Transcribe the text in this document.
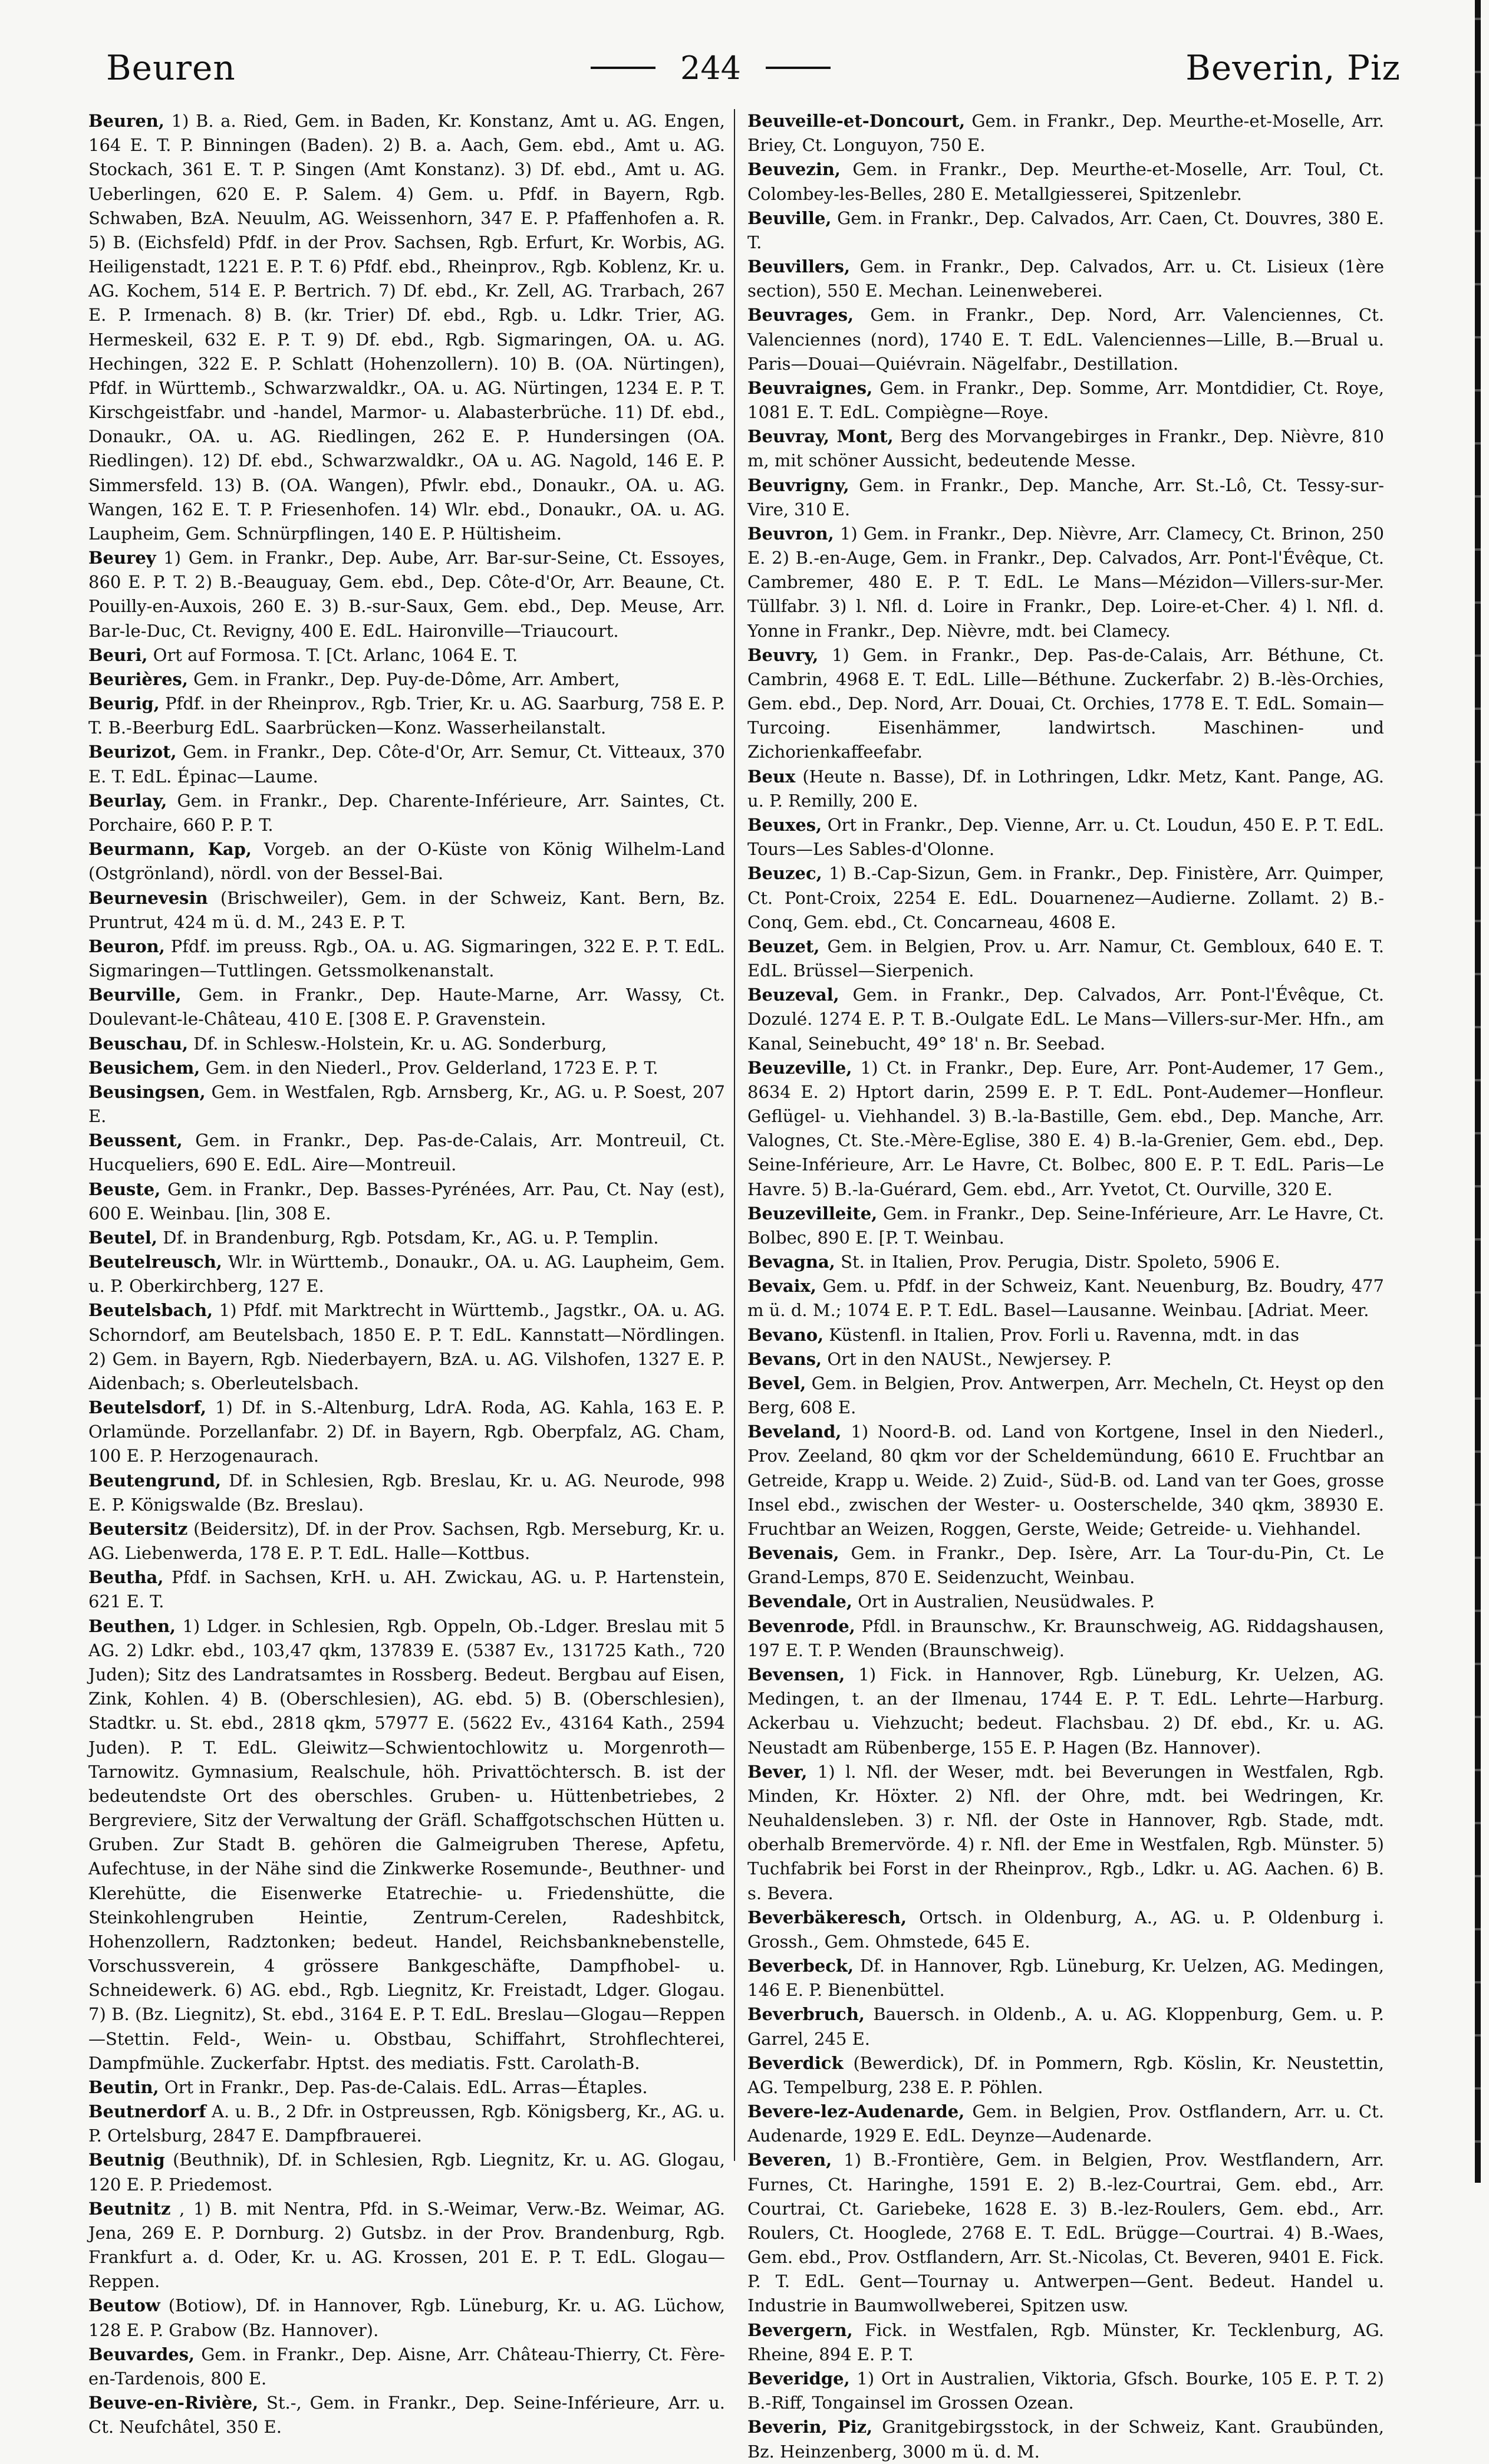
Beuren	244	Beverin, Piz

Beuren, 1) B. a. Ried, Gem. in Baden, Kr. Konstanz, Amt u. AG. Engen, 164 E. T. P. Binningen (Baden). 2) B. a. Aach, Gem. ebd., Amt u. AG. Stockach, 361 E. T. P. Singen (Amt Konstanz). 3) Df. ebd., Amt u. AG. Ueberlingen, 620 E. P. Salem. 4) Gem. u. Pfdf. in Bayern, Rgb. Schwaben, BzA. Neuulm, AG. Weissenhorn, 347 E. P. Pfaffenhofen a. R. 5) B. (Eichsfeld) Pfdf. in der Prov. Sachsen, Rgb. Erfurt, Kr. Worbis, AG. Heiligenstadt, 1221 E. P. T. 6) Pfdf. ebd., Rheinprov., Rgb. Koblenz, Kr. u. AG. Kochem, 514 E. P. Bertrich. 7) Df. ebd., Kr. Zell, AG. Trarbach, 267 E. P. Irmenach. 8) B. (kr. Trier) Df. ebd., Rgb. u. Ldkr. Trier, AG. Hermeskeil, 632 E. P. T. 9) Df. ebd., Rgb. Sigmaringen, OA. u. AG. Hechingen, 322 E. P. Schlatt (Hohenzollern). 10) B. (OA. Nürtingen), Pfdf. in Württemb., Schwarzwaldkr., OA. u. AG. Nürtingen, 1234 E. P. T. Kirschgeistfabr. und -handel, Marmor- u. Alabasterbrüche. 11) Df. ebd., Donaukr., OA. u. AG. Riedlingen, 262 E. P. Hundersingen (OA. Riedlingen). 12) Df. ebd., Schwarzwaldkr., OA u. AG. Nagold, 146 E. P. Simmersfeld. 13) B. (OA. Wangen), Pfwlr. ebd., Donaukr., OA. u. AG. Wangen, 162 E. T. P. Friesenhofen. 14) Wlr. ebd., Donaukr., OA. u. AG. Laupheim, Gem. Schnürpflingen, 140 E. P. Hültisheim.

Beurey 1) Gem. in Frankr., Dep. Aube, Arr. Bar-sur-Seine, Ct. Essoyes, 860 E. P. T. 2) B.-Beauguay, Gem. ebd., Dep. Côte-d'Or, Arr. Beaune, Ct. Pouilly-en-Auxois, 260 E. 3) B.-sur-Saux, Gem. ebd., Dep. Meuse, Arr. Bar-le-Duc, Ct. Revigny, 400 E. EdL. Haironville—Triaucourt.

Beuri, Ort auf Formosa. T. [Ct. Arlanc, 1064 E. T.

Beurières, Gem. in Frankr., Dep. Puy-de-Dôme, Arr. Ambert,

Beurig, Pfdf. in der Rheinprov., Rgb. Trier, Kr. u. AG. Saarburg, 758 E. P. T. B.-Beerburg EdL. Saarbrücken—Konz. Wasserheilanstalt.

Beurizot, Gem. in Frankr., Dep. Côte-d'Or, Arr. Semur, Ct. Vitteaux, 370 E. T. EdL. Épinac—Laume.

Beurlay, Gem. in Frankr., Dep. Charente-Inférieure, Arr. Saintes, Ct. Porchaire, 660 P. P. T.

Beurmann, Kap, Vorgeb. an der O-Küste von König Wilhelm-Land (Ostgrönland), nördl. von der Bessel-Bai.

Beurnevesin (Brischweiler), Gem. in der Schweiz, Kant. Bern, Bz. Pruntrut, 424 m ü. d. M., 243 E. P. T.

Beuron, Pfdf. im preuss. Rgb., OA. u. AG. Sigmaringen, 322 E. P. T. EdL. Sigmaringen—Tuttlingen. Getssmolkenanstalt.

Beurville, Gem. in Frankr., Dep. Haute-Marne, Arr. Wassy, Ct. Doulevant-le-Château, 410 E. [308 E. P. Gravenstein.

Beuschau, Df. in Schlesw.-Holstein, Kr. u. AG. Sonderburg,

Beusichem, Gem. in den Niederl., Prov. Gelderland, 1723 E. P. T.

Beusingsen, Gem. in Westfalen, Rgb. Arnsberg, Kr., AG. u. P. Soest, 207 E.

Beussent, Gem. in Frankr., Dep. Pas-de-Calais, Arr. Montreuil, Ct. Hucqueliers, 690 E. EdL. Aire—Montreuil.

Beuste, Gem. in Frankr., Dep. Basses-Pyrénées, Arr. Pau, Ct. Nay (est), 600 E. Weinbau. [lin, 308 E.

Beutel, Df. in Brandenburg, Rgb. Potsdam, Kr., AG. u. P. Templin.

Beutelreusch, Wlr. in Württemb., Donaukr., OA. u. AG. Laupheim, Gem. u. P. Oberkirchberg, 127 E.

Beutelsbach, 1) Pfdf. mit Marktrecht in Württemb., Jagstkr., OA. u. AG. Schorndorf, am Beutelsbach, 1850 E. P. T. EdL. Kannstatt—Nördlingen. 2) Gem. in Bayern, Rgb. Niederbayern, BzA. u. AG. Vilshofen, 1327 E. P. Aidenbach; s. Oberleutelsbach.

Beutelsdorf, 1) Df. in S.-Altenburg, LdrA. Roda, AG. Kahla, 163 E. P. Orlamünde. Porzellanfabr. 2) Df. in Bayern, Rgb. Oberpfalz, AG. Cham, 100 E. P. Herzogenaurach.

Beutengrund, Df. in Schlesien, Rgb. Breslau, Kr. u. AG. Neurode, 998 E. P. Königswalde (Bz. Breslau).

Beutersitz (Beidersitz), Df. in der Prov. Sachsen, Rgb. Merseburg, Kr. u. AG. Liebenwerda, 178 E. P. T. EdL. Halle—Kottbus.

Beutha, Pfdf. in Sachsen, KrH. u. AH. Zwickau, AG. u. P. Hartenstein, 621 E. T.

Beuthen, 1) Ldger. in Schlesien, Rgb. Oppeln, Ob.-Ldger. Breslau mit 5 AG. 2) Ldkr. ebd., 103,47 qkm, 137839 E. (5387 Ev., 131725 Kath., 720 Juden); Sitz des Landratsamtes in Rossberg. Bedeut. Bergbau auf Eisen, Zink, Kohlen. 4) B. (Oberschlesien), AG. ebd. 5) B. (Oberschlesien), Stadtkr. u. St. ebd., 2818 qkm, 57977 E. (5622 Ev., 43164 Kath., 2594 Juden). P. T. EdL. Gleiwitz—Schwientochlowitz u. Morgenroth—Tarnowitz. Gymnasium, Realschule, höh. Privattöchtersch. B. ist der bedeutendste Ort des oberschles. Gruben- u. Hüttenbetriebes, 2 Bergreviere, Sitz der Verwaltung der Gräfl. Schaffgotschschen Hütten u. Gruben. Zur Stadt B. gehören die Galmeigruben Therese, Apfetu, Aufechtuse, in der Nähe sind die Zinkwerke Rosemunde-, Beuthner- und Klerehütte, die Eisenwerke Etatrechie- u. Friedenshütte, die Steinkohlengruben Heintie, Zentrum-Cerelen, Radeshbitck, Hohenzollern, Radztonken; bedeut. Handel, Reichsbanknebenstelle, Vorschussverein, 4 grössere Bankgeschäfte, Dampfhobel- u. Schneidewerk. 6) AG. ebd., Rgb. Liegnitz, Kr. Freistadt, Ldger. Glogau. 7) B. (Bz. Liegnitz), St. ebd., 3164 E. P. T. EdL. Breslau—Glogau—Reppen—Stettin. Feld-, Wein- u. Obstbau, Schiffahrt, Strohflechterei, Dampfmühle. Zuckerfabr. Hptst. des mediatis. Fstt. Carolath-B.

Beutin, Ort in Frankr., Dep. Pas-de-Calais. EdL. Arras—Étaples.

Beutnerdorf A. u. B., 2 Dfr. in Ostpreussen, Rgb. Königsberg, Kr., AG. u. P. Ortelsburg, 2847 E. Dampfbrauerei.

Beutnig (Beuthnik), Df. in Schlesien, Rgb. Liegnitz, Kr. u. AG. Glogau, 120 E. P. Priedemost.

Beutnitz , 1) B. mit Nentra, Pfd. in S.-Weimar, Verw.-Bz. Weimar, AG. Jena, 269 E. P. Dornburg. 2) Gutsbz. in der Prov. Brandenburg, Rgb. Frankfurt a. d. Oder, Kr. u. AG. Krossen, 201 E. P. T. EdL. Glogau—Reppen.

Beutow (Botiow), Df. in Hannover, Rgb. Lüneburg, Kr. u. AG. Lüchow, 128 E. P. Grabow (Bz. Hannover).

Beuvardes, Gem. in Frankr., Dep. Aisne, Arr. Château-Thierry, Ct. Fère-en-Tardenois, 800 E.

Beuve-en-Rivière, St.-, Gem. in Frankr., Dep. Seine-Inférieure, Arr. u. Ct. Neufchâtel, 350 E.

Beuveille-et-Doncourt, Gem. in Frankr., Dep. Meurthe-et-Moselle, Arr. Briey, Ct. Longuyon, 750 E.

Beuvezin, Gem. in Frankr., Dep. Meurthe-et-Moselle, Arr. Toul, Ct. Colombey-les-Belles, 280 E. Metallgiesserei, Spitzenlebr.

Beuville, Gem. in Frankr., Dep. Calvados, Arr. Caen, Ct. Douvres, 380 E. T.

Beuvillers, Gem. in Frankr., Dep. Calvados, Arr. u. Ct. Lisieux (1ère section), 550 E. Mechan. Leinenweberei.

Beuvrages, Gem. in Frankr., Dep. Nord, Arr. Valenciennes, Ct. Valenciennes (nord), 1740 E. T. EdL. Valenciennes—Lille, B.—Brual u. Paris—Douai—Quiévrain. Nägelfabr., Destillation.

Beuvraignes, Gem. in Frankr., Dep. Somme, Arr. Montdidier, Ct. Roye, 1081 E. T. EdL. Compiègne—Roye.

Beuvray, Mont, Berg des Morvangebirges in Frankr., Dep. Nièvre, 810 m, mit schöner Aussicht, bedeutende Messe.

Beuvrigny, Gem. in Frankr., Dep. Manche, Arr. St.-Lô, Ct. Tessy-sur-Vire, 310 E.

Beuvron, 1) Gem. in Frankr., Dep. Nièvre, Arr. Clamecy, Ct. Brinon, 250 E. 2) B.-en-Auge, Gem. in Frankr., Dep. Calvados, Arr. Pont-l'Évêque, Ct. Cambremer, 480 E. P. T. EdL. Le Mans—Mézidon—Villers-sur-Mer. Tüllfabr. 3) l. Nfl. d. Loire in Frankr., Dep. Loire-et-Cher. 4) l. Nfl. d. Yonne in Frankr., Dep. Nièvre, mdt. bei Clamecy.

Beuvry, 1) Gem. in Frankr., Dep. Pas-de-Calais, Arr. Béthune, Ct. Cambrin, 4968 E. T. EdL. Lille—Béthune. Zuckerfabr. 2) B.-lès-Orchies, Gem. ebd., Dep. Nord, Arr. Douai, Ct. Orchies, 1778 E. T. EdL. Somain—Turcoing. Eisenhämmer, landwirtsch. Maschinen- und Zichorienkaffeefabr.

Beux (Heute n. Basse), Df. in Lothringen, Ldkr. Metz, Kant. Pange, AG. u. P. Remilly, 200 E.

Beuxes, Ort in Frankr., Dep. Vienne, Arr. u. Ct. Loudun, 450 E. P. T. EdL. Tours—Les Sables-d'Olonne.

Beuzec, 1) B.-Cap-Sizun, Gem. in Frankr., Dep. Finistère, Arr. Quimper, Ct. Pont-Croix, 2254 E. EdL. Douarnenez—Audierne. Zollamt. 2) B.-Conq, Gem. ebd., Ct. Concarneau, 4608 E.

Beuzet, Gem. in Belgien, Prov. u. Arr. Namur, Ct. Gembloux, 640 E. T. EdL. Brüssel—Sierpenich.

Beuzeval, Gem. in Frankr., Dep. Calvados, Arr. Pont-l'Évêque, Ct. Dozulé. 1274 E. P. T. B.-Oulgate EdL. Le Mans—Villers-sur-Mer. Hfn., am Kanal, Seinebucht, 49° 18' n. Br. Seebad.

Beuzeville, 1) Ct. in Frankr., Dep. Eure, Arr. Pont-Audemer, 17 Gem., 8634 E. 2) Hptort darin, 2599 E. P. T. EdL. Pont-Audemer—Honfleur. Geflügel- u. Viehhandel. 3) B.-la-Bastille, Gem. ebd., Dep. Manche, Arr. Valognes, Ct. Ste.-Mère-Eglise, 380 E. 4) B.-la-Grenier, Gem. ebd., Dep. Seine-Inférieure, Arr. Le Havre, Ct. Bolbec, 800 E. P. T. EdL. Paris—Le Havre. 5) B.-la-Guérard, Gem. ebd., Arr. Yvetot, Ct. Ourville, 320 E.

Beuzevilleite, Gem. in Frankr., Dep. Seine-Inférieure, Arr. Le Havre, Ct. Bolbec, 890 E. [P. T. Weinbau.

Bevagna, St. in Italien, Prov. Perugia, Distr. Spoleto, 5906 E.

Bevaix, Gem. u. Pfdf. in der Schweiz, Kant. Neuenburg, Bz. Boudry, 477 m ü. d. M.; 1074 E. P. T. EdL. Basel—Lausanne. Weinbau. [Adriat. Meer.

Bevano, Küstenfl. in Italien, Prov. Forli u. Ravenna, mdt. in das

Bevans, Ort in den NAUSt., Newjersey. P.

Bevel, Gem. in Belgien, Prov. Antwerpen, Arr. Mecheln, Ct. Heyst op den Berg, 608 E.

Beveland, 1) Noord-B. od. Land von Kortgene, Insel in den Niederl., Prov. Zeeland, 80 qkm vor der Scheldemündung, 6610 E. Fruchtbar an Getreide, Krapp u. Weide. 2) Zuid-, Süd-B. od. Land van ter Goes, grosse Insel ebd., zwischen der Wester- u. Oosterschelde, 340 qkm, 38930 E. Fruchtbar an Weizen, Roggen, Gerste, Weide; Getreide- u. Viehhandel.

Bevenais, Gem. in Frankr., Dep. Isère, Arr. La Tour-du-Pin, Ct. Le Grand-Lemps, 870 E. Seidenzucht, Weinbau.

Bevendale, Ort in Australien, Neusüdwales. P.

Bevenrode, Pfdl. in Braunschw., Kr. Braunschweig, AG. Riddagshausen, 197 E. T. P. Wenden (Braunschweig).

Bevensen, 1) Fick. in Hannover, Rgb. Lüneburg, Kr. Uelzen, AG. Medingen, t. an der Ilmenau, 1744 E. P. T. EdL. Lehrte—Harburg. Ackerbau u. Viehzucht; bedeut. Flachsbau. 2) Df. ebd., Kr. u. AG. Neustadt am Rübenberge, 155 E. P. Hagen (Bz. Hannover).

Bever, 1) l. Nfl. der Weser, mdt. bei Beverungen in Westfalen, Rgb. Minden, Kr. Höxter. 2) Nfl. der Ohre, mdt. bei Wedringen, Kr. Neuhaldensleben. 3) r. Nfl. der Oste in Hannover, Rgb. Stade, mdt. oberhalb Bremervörde. 4) r. Nfl. der Eme in Westfalen, Rgb. Münster. 5) Tuchfabrik bei Forst in der Rheinprov., Rgb., Ldkr. u. AG. Aachen. 6) B. s. Bevera.

Beverbäkeresch, Ortsch. in Oldenburg, A., AG. u. P. Oldenburg i. Grossh., Gem. Ohmstede, 645 E.

Beverbeck, Df. in Hannover, Rgb. Lüneburg, Kr. Uelzen, AG. Medingen, 146 E. P. Bienenbüttel.

Beverbruch, Bauersch. in Oldenb., A. u. AG. Kloppenburg, Gem. u. P. Garrel, 245 E.

Beverdick (Bewerdick), Df. in Pommern, Rgb. Köslin, Kr. Neustettin, AG. Tempelburg, 238 E. P. Pöhlen.

Bevere-lez-Audenarde, Gem. in Belgien, Prov. Ostflandern, Arr. u. Ct. Audenarde, 1929 E. EdL. Deynze—Audenarde.

Beveren, 1) B.-Frontière, Gem. in Belgien, Prov. Westflandern, Arr. Furnes, Ct. Haringhe, 1591 E. 2) B.-lez-Courtrai, Gem. ebd., Arr. Courtrai, Ct. Gariebeke, 1628 E. 3) B.-lez-Roulers, Gem. ebd., Arr. Roulers, Ct. Hooglede, 2768 E. T. EdL. Brügge—Courtrai. 4) B.-Waes, Gem. ebd., Prov. Ostflandern, Arr. St.-Nicolas, Ct. Beveren, 9401 E. Fick. P. T. EdL. Gent—Tournay u. Antwerpen—Gent. Bedeut. Handel u. Industrie in Baumwollweberei, Spitzen usw.

Bevergern, Fick. in Westfalen, Rgb. Münster, Kr. Tecklenburg, AG. Rheine, 894 E. P. T.

Beveridge, 1) Ort in Australien, Viktoria, Gfsch. Bourke, 105 E. P. T. 2) B.-Riff, Tongainsel im Grossen Ozean.

Beverin, Piz, Granitgebirgsstock, in der Schweiz, Kant. Graubünden, Bz. Heinzenberg, 3000 m ü. d. M.
